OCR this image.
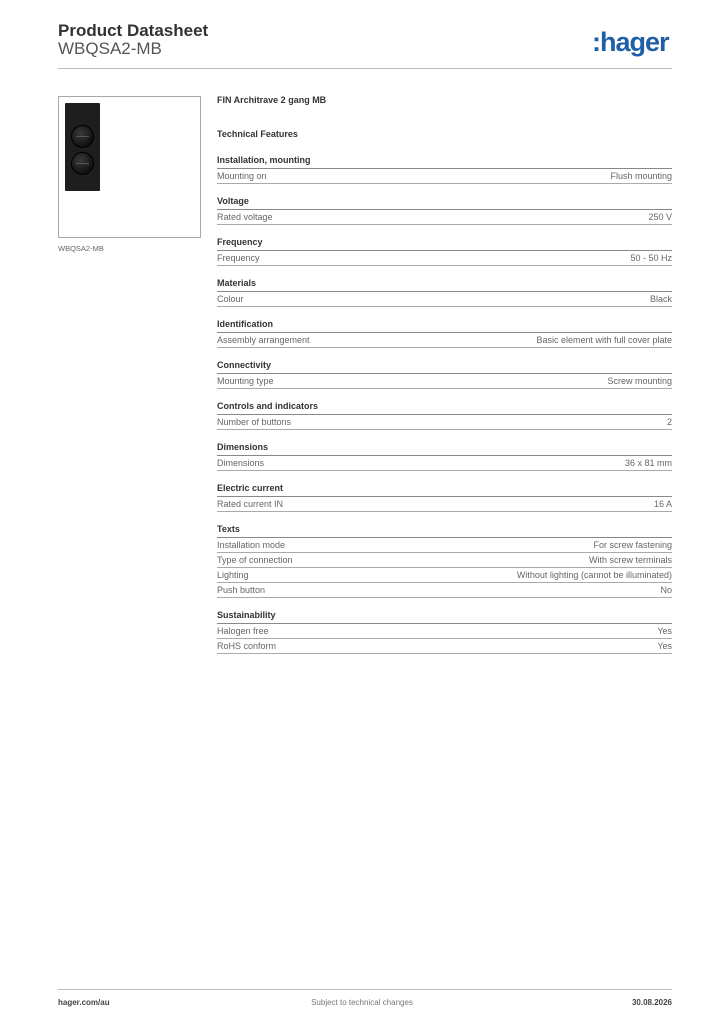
Product Datasheet
WBQSA2-MB	:hager
WBQSA2-MB
FIN Architrave 2 gang MB
Technical Features
Installation, mounting
Mounting on	Flush mounting
Voltage
Rated voltage	250 V
Frequency
Frequency	50 - 50 Hz
Materials
Colour	Black
Identification
Assembly arrangement	Basic element with full cover plate
Connectivity
Mounting type	Screw mounting
Controls and indicators
Number of buttons	2
Dimensions
Dimensions	36 x 81 mm
Electric current
Rated current IN	16 A
Texts
Installation mode	For screw fastening
Type of connection	With screw terminals
Lighting	Without lighting (cannot be illuminated)
Push button	No
Sustainability
Halogen free	Yes
RoHS conform	Yes
hager.com/au	Subject to technical changes	30.08.2026
